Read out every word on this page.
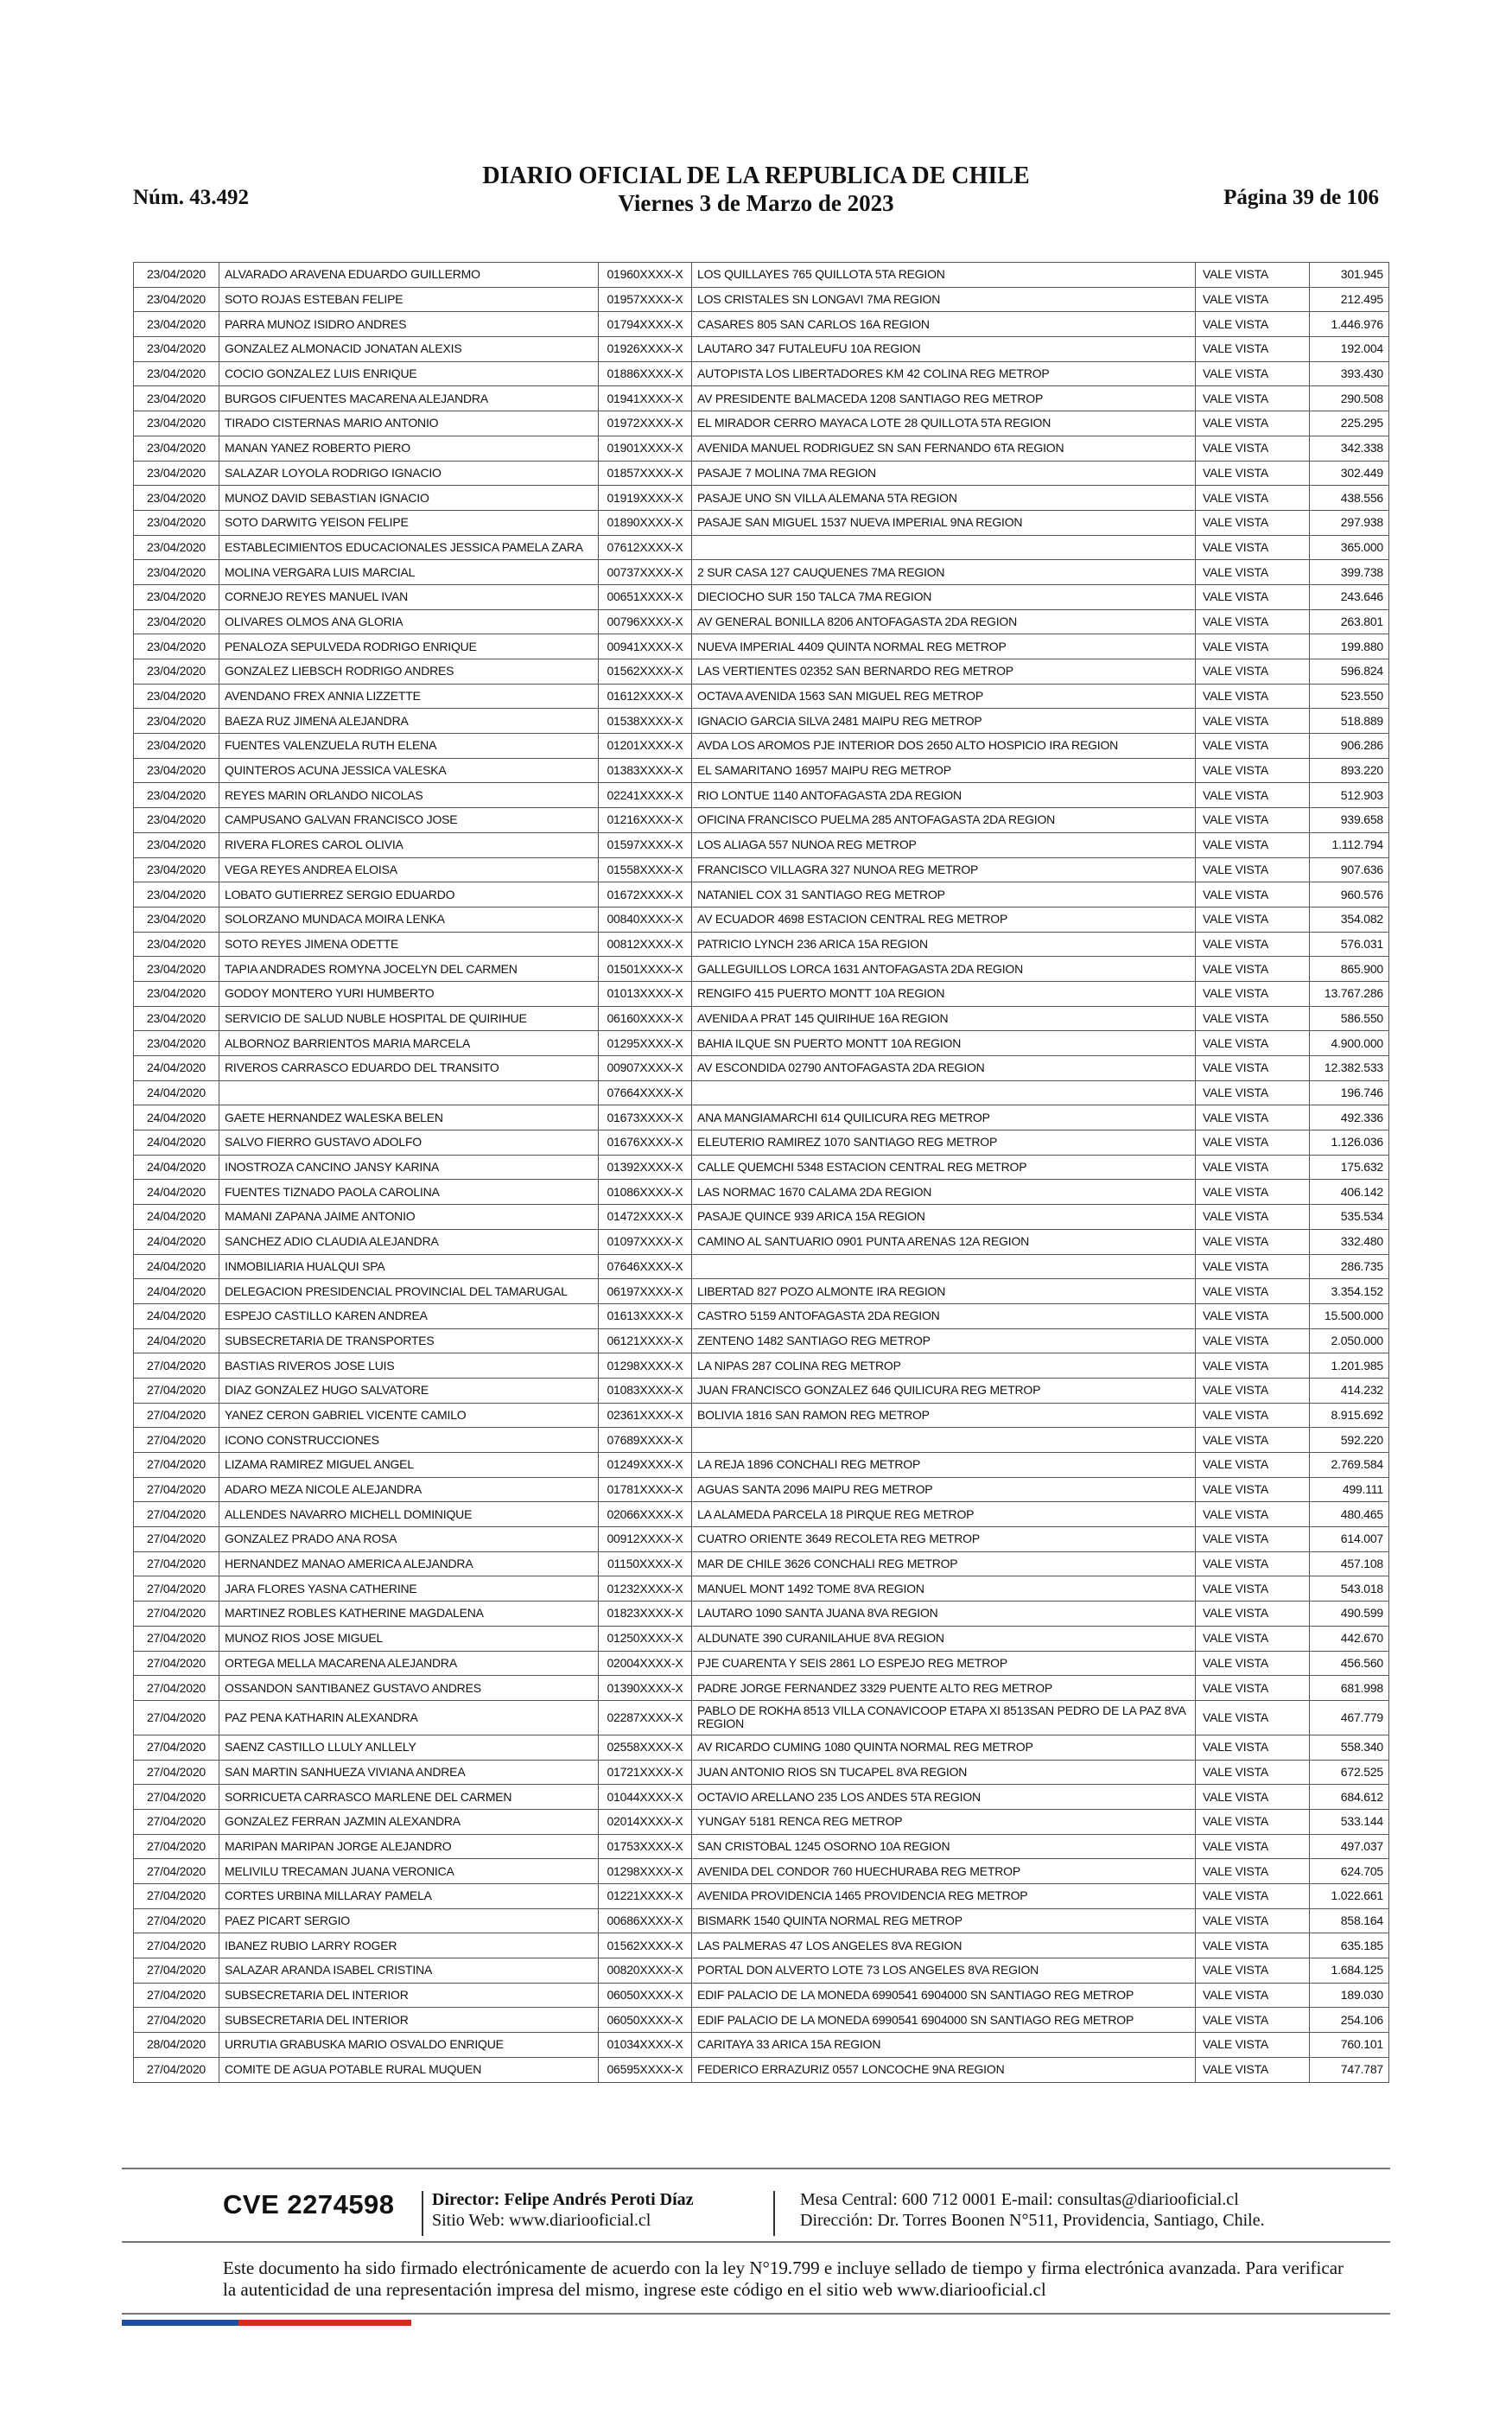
Núm. 43.492
DIARIO OFICIAL DE LA REPUBLICA DE CHILE
Viernes 3 de Marzo de 2023	Página 39 de 106
23/04/2020	ALVARADO ARAVENA EDUARDO GUILLERMO	01960XXXX-X	LOS QUILLAYES 765 QUILLOTA 5TA REGION	VALE VISTA	301.945
23/04/2020	SOTO ROJAS ESTEBAN FELIPE	01957XXXX-X	LOS CRISTALES SN LONGAVI 7MA REGION	VALE VISTA	212.495
23/04/2020	PARRA MUNOZ ISIDRO ANDRES	01794XXXX-X	CASARES 805 SAN CARLOS 16A REGION	VALE VISTA	1.446.976
23/04/2020	GONZALEZ ALMONACID JONATAN ALEXIS	01926XXXX-X	LAUTARO 347 FUTALEUFU 10A REGION	VALE VISTA	192.004
23/04/2020	COCIO GONZALEZ LUIS ENRIQUE	01886XXXX-X	AUTOPISTA LOS LIBERTADORES KM 42 COLINA REG METROP	VALE VISTA	393.430
23/04/2020	BURGOS CIFUENTES MACARENA ALEJANDRA	01941XXXX-X	AV PRESIDENTE BALMACEDA 1208 SANTIAGO REG METROP	VALE VISTA	290.508
23/04/2020	TIRADO CISTERNAS MARIO ANTONIO	01972XXXX-X	EL MIRADOR CERRO MAYACA LOTE 28 QUILLOTA 5TA REGION	VALE VISTA	225.295
23/04/2020	MANAN YANEZ ROBERTO PIERO	01901XXXX-X	AVENIDA MANUEL RODRIGUEZ SN SAN FERNANDO 6TA REGION	VALE VISTA	342.338
23/04/2020	SALAZAR LOYOLA RODRIGO IGNACIO	01857XXXX-X	PASAJE 7 MOLINA 7MA REGION	VALE VISTA	302.449
23/04/2020	MUNOZ DAVID SEBASTIAN IGNACIO	01919XXXX-X	PASAJE UNO SN VILLA ALEMANA 5TA REGION	VALE VISTA	438.556
23/04/2020	SOTO DARWITG YEISON FELIPE	01890XXXX-X	PASAJE SAN MIGUEL 1537 NUEVA IMPERIAL 9NA REGION	VALE VISTA	297.938
23/04/2020	ESTABLECIMIENTOS EDUCACIONALES JESSICA PAMELA ZARA	07612XXXX-X		VALE VISTA	365.000
23/04/2020	MOLINA VERGARA LUIS MARCIAL	00737XXXX-X	2 SUR CASA 127 CAUQUENES 7MA REGION	VALE VISTA	399.738
23/04/2020	CORNEJO REYES MANUEL IVAN	00651XXXX-X	DIECIOCHO SUR 150 TALCA 7MA REGION	VALE VISTA	243.646
23/04/2020	OLIVARES OLMOS ANA GLORIA	00796XXXX-X	AV GENERAL BONILLA 8206 ANTOFAGASTA 2DA REGION	VALE VISTA	263.801
23/04/2020	PENALOZA SEPULVEDA RODRIGO ENRIQUE	00941XXXX-X	NUEVA IMPERIAL 4409 QUINTA NORMAL REG METROP	VALE VISTA	199.880
23/04/2020	GONZALEZ LIEBSCH RODRIGO ANDRES	01562XXXX-X	LAS VERTIENTES 02352 SAN BERNARDO REG METROP	VALE VISTA	596.824
23/04/2020	AVENDANO FREX ANNIA LIZZETTE	01612XXXX-X	OCTAVA AVENIDA 1563 SAN MIGUEL REG METROP	VALE VISTA	523.550
23/04/2020	BAEZA RUZ JIMENA ALEJANDRA	01538XXXX-X	IGNACIO GARCIA SILVA 2481 MAIPU REG METROP	VALE VISTA	518.889
23/04/2020	FUENTES VALENZUELA RUTH ELENA	01201XXXX-X	AVDA LOS AROMOS PJE INTERIOR DOS 2650 ALTO HOSPICIO IRA REGION	VALE VISTA	906.286
23/04/2020	QUINTEROS ACUNA JESSICA VALESKA	01383XXXX-X	EL SAMARITANO 16957 MAIPU REG METROP	VALE VISTA	893.220
23/04/2020	REYES MARIN ORLANDO NICOLAS	02241XXXX-X	RIO LONTUE 1140 ANTOFAGASTA 2DA REGION	VALE VISTA	512.903
23/04/2020	CAMPUSANO GALVAN FRANCISCO JOSE	01216XXXX-X	OFICINA FRANCISCO PUELMA 285 ANTOFAGASTA 2DA REGION	VALE VISTA	939.658
23/04/2020	RIVERA FLORES CAROL OLIVIA	01597XXXX-X	LOS ALIAGA 557 NUNOA REG METROP	VALE VISTA	1.112.794
23/04/2020	VEGA REYES ANDREA ELOISA	01558XXXX-X	FRANCISCO VILLAGRA 327 NUNOA REG METROP	VALE VISTA	907.636
23/04/2020	LOBATO GUTIERREZ SERGIO EDUARDO	01672XXXX-X	NATANIEL COX 31 SANTIAGO REG METROP	VALE VISTA	960.576
23/04/2020	SOLORZANO MUNDACA MOIRA LENKA	00840XXXX-X	AV ECUADOR 4698 ESTACION CENTRAL REG METROP	VALE VISTA	354.082
23/04/2020	SOTO REYES JIMENA ODETTE	00812XXXX-X	PATRICIO LYNCH 236 ARICA 15A REGION	VALE VISTA	576.031
23/04/2020	TAPIA ANDRADES ROMYNA JOCELYN DEL CARMEN	01501XXXX-X	GALLEGUILLOS LORCA 1631 ANTOFAGASTA 2DA REGION	VALE VISTA	865.900
23/04/2020	GODOY MONTERO YURI HUMBERTO	01013XXXX-X	RENGIFO 415 PUERTO MONTT 10A REGION	VALE VISTA	13.767.286
23/04/2020	SERVICIO DE SALUD NUBLE HOSPITAL DE QUIRIHUE	06160XXXX-X	AVENIDA A PRAT 145 QUIRIHUE 16A REGION	VALE VISTA	586.550
23/04/2020	ALBORNOZ BARRIENTOS MARIA MARCELA	01295XXXX-X	BAHIA ILQUE SN PUERTO MONTT 10A REGION	VALE VISTA	4.900.000
24/04/2020	RIVEROS CARRASCO EDUARDO DEL TRANSITO	00907XXXX-X	AV ESCONDIDA 02790 ANTOFAGASTA 2DA REGION	VALE VISTA	12.382.533
24/04/2020		07664XXXX-X		VALE VISTA	196.746
24/04/2020	GAETE HERNANDEZ WALESKA BELEN	01673XXXX-X	ANA MANGIAMARCHI 614 QUILICURA REG METROP	VALE VISTA	492.336
24/04/2020	SALVO FIERRO GUSTAVO ADOLFO	01676XXXX-X	ELEUTERIO RAMIREZ 1070 SANTIAGO REG METROP	VALE VISTA	1.126.036
24/04/2020	INOSTROZA CANCINO JANSY KARINA	01392XXXX-X	CALLE QUEMCHI 5348 ESTACION CENTRAL REG METROP	VALE VISTA	175.632
24/04/2020	FUENTES TIZNADO PAOLA CAROLINA	01086XXXX-X	LAS NORMAC 1670 CALAMA 2DA REGION	VALE VISTA	406.142
24/04/2020	MAMANI ZAPANA JAIME ANTONIO	01472XXXX-X	PASAJE QUINCE 939 ARICA 15A REGION	VALE VISTA	535.534
24/04/2020	SANCHEZ ADIO CLAUDIA ALEJANDRA	01097XXXX-X	CAMINO AL SANTUARIO 0901 PUNTA ARENAS 12A REGION	VALE VISTA	332.480
24/04/2020	INMOBILIARIA HUALQUI SPA	07646XXXX-X		VALE VISTA	286.735
24/04/2020	DELEGACION PRESIDENCIAL PROVINCIAL DEL TAMARUGAL	06197XXXX-X	LIBERTAD 827 POZO ALMONTE IRA REGION	VALE VISTA	3.354.152
24/04/2020	ESPEJO CASTILLO KAREN ANDREA	01613XXXX-X	CASTRO 5159 ANTOFAGASTA 2DA REGION	VALE VISTA	15.500.000
24/04/2020	SUBSECRETARIA DE TRANSPORTES	06121XXXX-X	ZENTENO 1482 SANTIAGO REG METROP	VALE VISTA	2.050.000
27/04/2020	BASTIAS RIVEROS JOSE LUIS	01298XXXX-X	LA NIPAS 287 COLINA REG METROP	VALE VISTA	1.201.985
27/04/2020	DIAZ GONZALEZ HUGO SALVATORE	01083XXXX-X	JUAN FRANCISCO GONZALEZ 646 QUILICURA REG METROP	VALE VISTA	414.232
27/04/2020	YANEZ CERON GABRIEL VICENTE CAMILO	02361XXXX-X	BOLIVIA 1816 SAN RAMON REG METROP	VALE VISTA	8.915.692
27/04/2020	ICONO CONSTRUCCIONES	07689XXXX-X		VALE VISTA	592.220
27/04/2020	LIZAMA RAMIREZ MIGUEL ANGEL	01249XXXX-X	LA REJA 1896 CONCHALI REG METROP	VALE VISTA	2.769.584
27/04/2020	ADARO MEZA NICOLE ALEJANDRA	01781XXXX-X	AGUAS SANTA 2096 MAIPU REG METROP	VALE VISTA	499.111
27/04/2020	ALLENDES NAVARRO MICHELL DOMINIQUE	02066XXXX-X	LA ALAMEDA PARCELA 18 PIRQUE REG METROP	VALE VISTA	480.465
27/04/2020	GONZALEZ PRADO ANA ROSA	00912XXXX-X	CUATRO ORIENTE 3649 RECOLETA REG METROP	VALE VISTA	614.007
27/04/2020	HERNANDEZ MANAO AMERICA ALEJANDRA	01150XXXX-X	MAR DE CHILE 3626 CONCHALI REG METROP	VALE VISTA	457.108
27/04/2020	JARA FLORES YASNA CATHERINE	01232XXXX-X	MANUEL MONT 1492 TOME 8VA REGION	VALE VISTA	543.018
27/04/2020	MARTINEZ ROBLES KATHERINE MAGDALENA	01823XXXX-X	LAUTARO 1090 SANTA JUANA 8VA REGION	VALE VISTA	490.599
27/04/2020	MUNOZ RIOS JOSE MIGUEL	01250XXXX-X	ALDUNATE 390 CURANILAHUE 8VA REGION	VALE VISTA	442.670
27/04/2020	ORTEGA MELLA MACARENA ALEJANDRA	02004XXXX-X	PJE CUARENTA Y SEIS 2861 LO ESPEJO REG METROP	VALE VISTA	456.560
27/04/2020	OSSANDON SANTIBANEZ GUSTAVO ANDRES	01390XXXX-X	PADRE JORGE FERNANDEZ 3329 PUENTE ALTO REG METROP	VALE VISTA	681.998
27/04/2020	PAZ PENA KATHARIN ALEXANDRA	02287XXXX-X	PABLO DE ROKHA 8513 VILLA CONAVICOOP ETAPA XI 8513SAN PEDRO DE LA PAZ 8VA REGION	VALE VISTA	467.779
27/04/2020	SAENZ CASTILLO LLULY ANLLELY	02558XXXX-X	AV RICARDO CUMING 1080 QUINTA NORMAL REG METROP	VALE VISTA	558.340
27/04/2020	SAN MARTIN SANHUEZA VIVIANA ANDREA	01721XXXX-X	JUAN ANTONIO RIOS SN TUCAPEL 8VA REGION	VALE VISTA	672.525
27/04/2020	SORRICUETA CARRASCO MARLENE DEL CARMEN	01044XXXX-X	OCTAVIO ARELLANO 235 LOS ANDES 5TA REGION	VALE VISTA	684.612
27/04/2020	GONZALEZ FERRAN JAZMIN ALEXANDRA	02014XXXX-X	YUNGAY 5181 RENCA REG METROP	VALE VISTA	533.144
27/04/2020	MARIPAN MARIPAN JORGE ALEJANDRO	01753XXXX-X	SAN CRISTOBAL 1245 OSORNO 10A REGION	VALE VISTA	497.037
27/04/2020	MELIVILU TRECAMAN JUANA VERONICA	01298XXXX-X	AVENIDA DEL CONDOR 760 HUECHURABA REG METROP	VALE VISTA	624.705
27/04/2020	CORTES URBINA MILLARAY PAMELA	01221XXXX-X	AVENIDA PROVIDENCIA 1465 PROVIDENCIA REG METROP	VALE VISTA	1.022.661
27/04/2020	PAEZ PICART SERGIO	00686XXXX-X	BISMARK 1540 QUINTA NORMAL REG METROP	VALE VISTA	858.164
27/04/2020	IBANEZ RUBIO LARRY ROGER	01562XXXX-X	LAS PALMERAS 47 LOS ANGELES 8VA REGION	VALE VISTA	635.185
27/04/2020	SALAZAR ARANDA ISABEL CRISTINA	00820XXXX-X	PORTAL DON ALVERTO LOTE 73 LOS ANGELES 8VA REGION	VALE VISTA	1.684.125
27/04/2020	SUBSECRETARIA DEL INTERIOR	06050XXXX-X	EDIF PALACIO DE LA MONEDA 6990541 6904000 SN SANTIAGO REG METROP	VALE VISTA	189.030
27/04/2020	SUBSECRETARIA DEL INTERIOR	06050XXXX-X	EDIF PALACIO DE LA MONEDA 6990541 6904000 SN SANTIAGO REG METROP	VALE VISTA	254.106
28/04/2020	URRUTIA GRABUSKA MARIO OSVALDO ENRIQUE	01034XXXX-X	CARITAYA 33 ARICA 15A REGION	VALE VISTA	760.101
27/04/2020	COMITE DE AGUA POTABLE RURAL MUQUEN	06595XXXX-X	FEDERICO ERRAZURIZ 0557 LONCOCHE 9NA REGION	VALE VISTA	747.787
CVE 2274598 Director: Felipe Andrés Peroti Díaz
Sitio Web: www.diariooficial.cl
Mesa Central: 600 712 0001 E-mail: consultas@diariooficial.cl
Dirección: Dr. Torres Boonen N°511, Providencia, Santiago, Chile.
Este documento ha sido firmado electrónicamente de acuerdo con la ley N°19.799 e incluye sellado de tiempo y firma electrónica avanzada. Para verificar la autenticidad de una representación impresa del mismo, ingrese este código en el sitio web www.diariooficial.cl
